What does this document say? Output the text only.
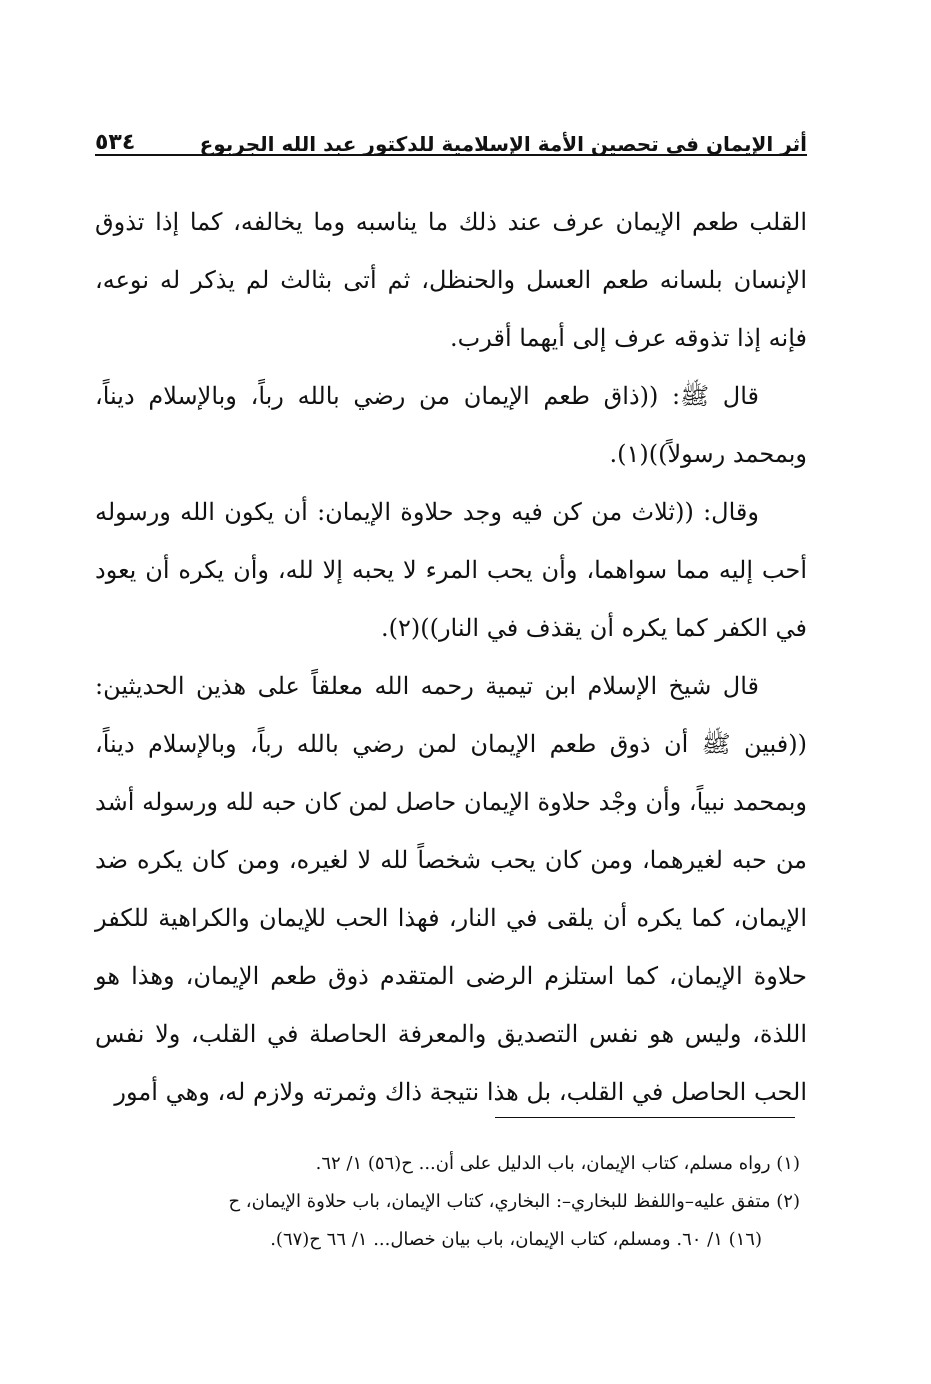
أثر الإيمان في تحصين الأمة الإسلامية للدكتور عبد الله الجربوع
٥٣٤

القلب طعم الإيمان عرف عند ذلك ما يناسبه وما يخالفه، كما إذا تذوق الإنسان بلسانه طعم العسل والحنظل، ثم أتى بثالث لم يذكر له نوعه، فإنه إذا تذوقه عرف إلى أيهما أقرب.

قال ﷺ: ((ذاق طعم الإيمان من رضي بالله رباً، وبالإسلام ديناً، وبمحمد رسولاً))(١).

وقال: ((ثلاث من كن فيه وجد حلاوة الإيمان: أن يكون الله ورسوله أحب إليه مما سواهما، وأن يحب المرء لا يحبه إلا لله، وأن يكره أن يعود في الكفر كما يكره أن يقذف في النار))(٢).

قال شيخ الإسلام ابن تيمية رحمه الله معلقاً على هذين الحديثين: ((فبين ﷺ أن ذوق طعم الإيمان لمن رضي بالله رباً، وبالإسلام ديناً، وبمحمد نبياً، وأن وجْد حلاوة الإيمان حاصل لمن كان حبه لله ورسوله أشد من حبه لغيرهما، ومن كان يحب شخصاً لله لا لغيره، ومن كان يكره ضد الإيمان، كما يكره أن يلقى في النار، فهذا الحب للإيمان والكراهية للكفر حلاوة الإيمان، كما استلزم الرضى المتقدم ذوق طعم الإيمان، وهذا هو اللذة، وليس هو نفس التصديق والمعرفة الحاصلة في القلب، ولا نفس الحب الحاصل في القلب، بل هذا نتيجة ذاك وثمرته ولازم له، وهي أمور

(١) رواه مسلم، كتاب الإيمان، باب الدليل على أن... ح(٥٦) ١/ ٦٢.

(٢) متفق عليه–واللفظ للبخاري–: البخاري، كتاب الإيمان، باب حلاوة الإيمان، ح

(١٦) ١/ ٦٠. ومسلم، كتاب الإيمان، باب بيان خصال... ١/ ٦٦ ح(٦٧).
